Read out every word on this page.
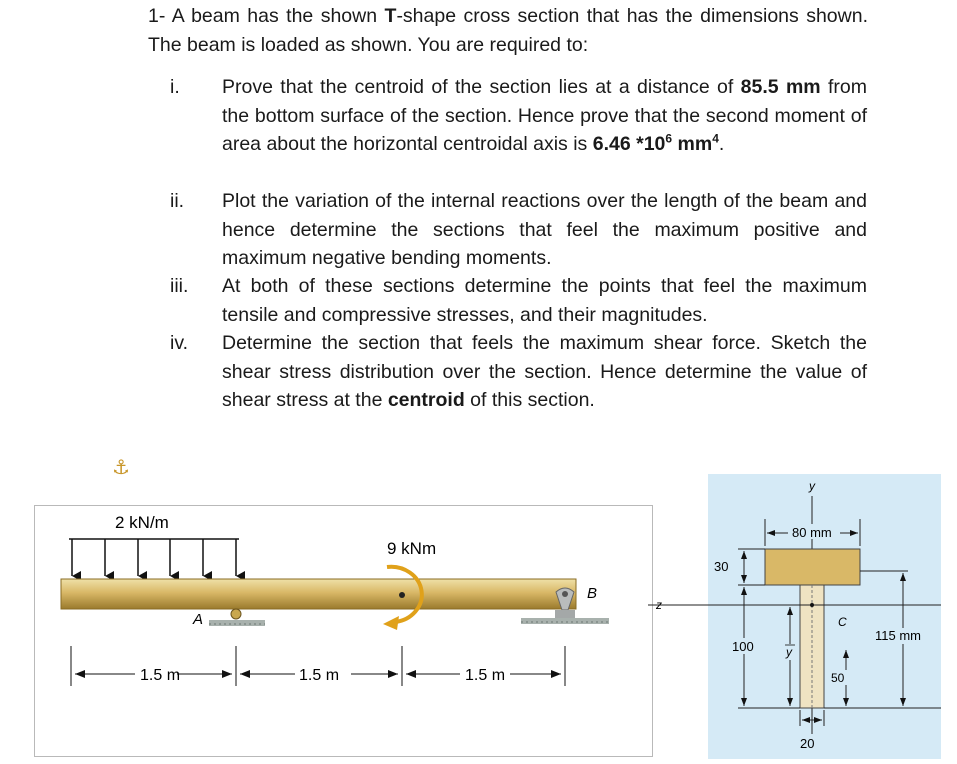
1- A beam has the shown T-shape cross section that has the dimensions shown. The beam is loaded as shown. You are required to:

i.	Prove that the centroid of the section lies at a distance of 85.5 mm from the bottom surface of the section. Hence prove that the second moment of area about the horizontal centroidal axis is 6.46 $*10^6$ $mm^4$.
ii.	Plot the variation of the internal reactions over the length of the beam and hence determine the sections that feel the maximum positive and maximum negative bending moments.
iii.	At both of these sections determine the points that feel the maximum tensile and compressive stresses, and their magnitudes.
iv.	Determine the section that feels the maximum shear force. Sketch the shear stress distribution over the section. Hence determine the value of shear stress at the centroid of this section.
⚓
2 kN/m
9 kNm
A
B
1.5 m	1.5 m	1.5 m
y
z
C
80 mm
30
100	y
115 mm
50
20
